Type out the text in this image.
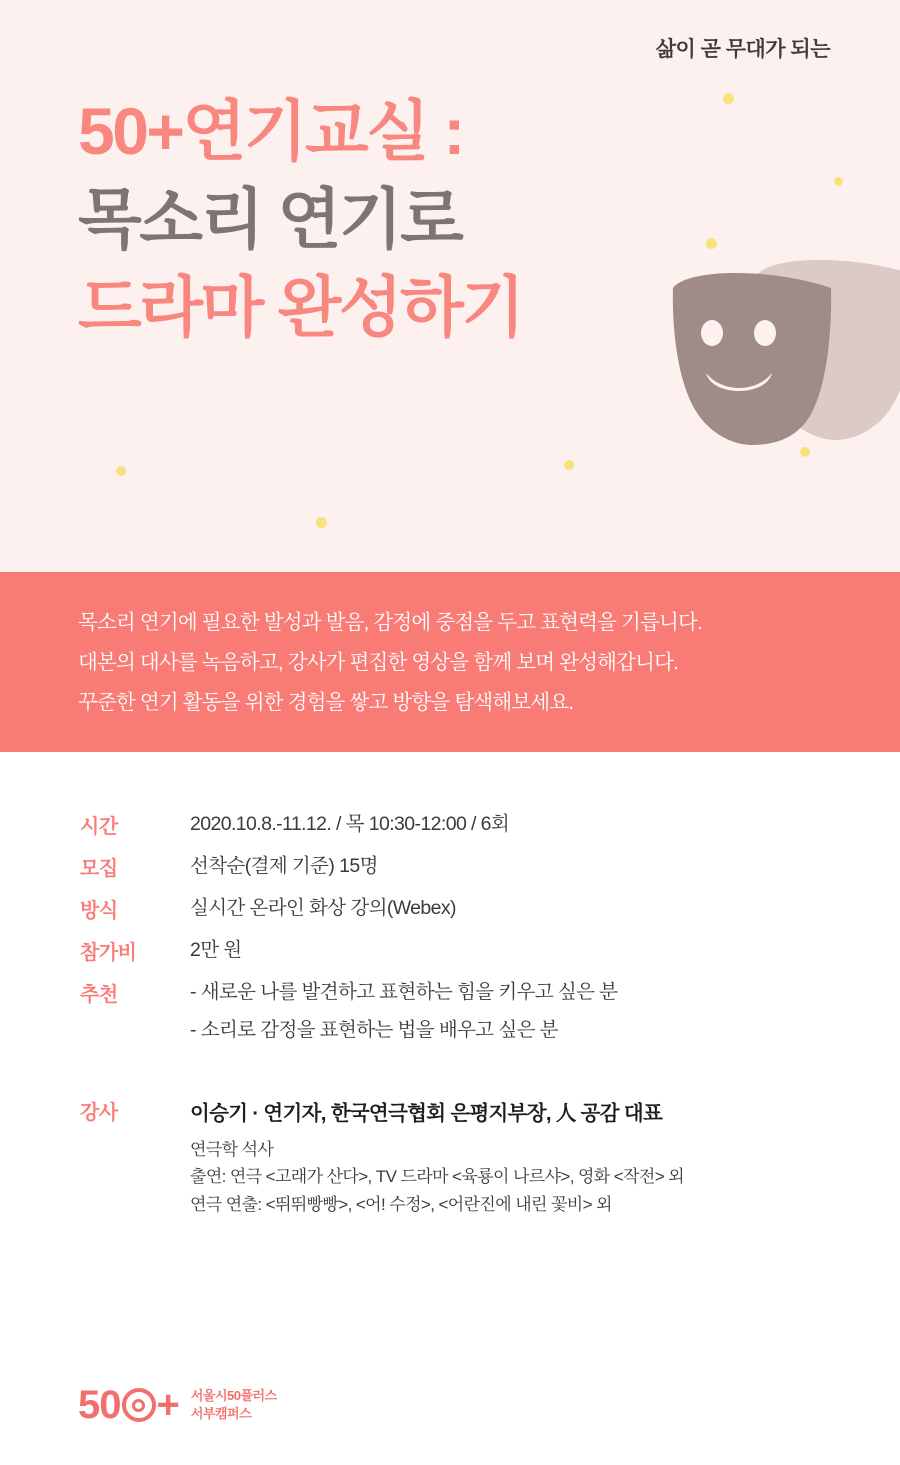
삶이 곧 무대가 되는
50+연기교실 :
목소리 연기로
드라마 완성하기

목소리 연기에 필요한 발성과 발음, 감정에 중점을 두고 표현력을 기릅니다.

대본의 대사를 녹음하고, 강사가 편집한 영상을 함께 보며 완성해갑니다.

꾸준한 연기 활동을 위한 경험을 쌓고 방향을 탐색해보세요.

시간	2020.10.8.-11.12. / 목 10:30-12:00 / 6회
모집	선착순(결제 기준) 15명
방식	실시간 온라인 화상 강의(Webex)
참가비	2만 원
추천	- 새로운 나를 발견하고 표현하는 힘을 키우고 싶은 분
- 소리로 감정을 표현하는 법을 배우고 싶은 분
강사	이승기 · 연기자, 한국연극협회 은평지부장, 人 공감 대표
연극학 석사
출연: 연극 <고래가 산다>, TV 드라마 <육룡이 나르샤>, 영화 <작전> 외
연극 연출: <뛰뛰빵빵>, <어! 수정>, <어란진에 내린 꽃비> 외
50 + 서울시50플러스
서부캠퍼스
